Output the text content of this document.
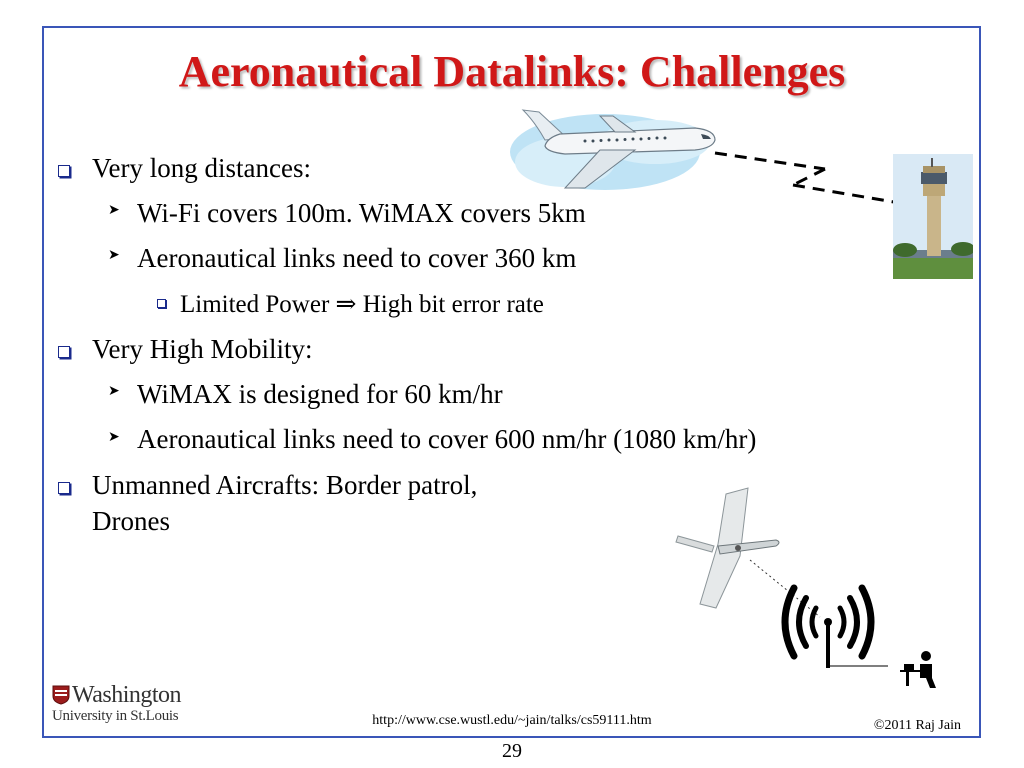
Aeronautical Datalinks: Challenges
Very long distances:
➤ Wi-Fi covers 100m. WiMAX covers 5km
➤ Aeronautical links need to cover 360 km
Limited Power ⇒ High bit error rate
Very High Mobility:
➤ WiMAX is designed for 60 km/hr
➤ Aeronautical links need to cover 600 nm/hr (1080 km/hr)
Unmanned Aircrafts: Border patrol,
Drones
Washington
University in St.Louis	http://www.cse.wustl.edu/~jain/talks/cs59111.htm	©2011 Raj Jain
29
